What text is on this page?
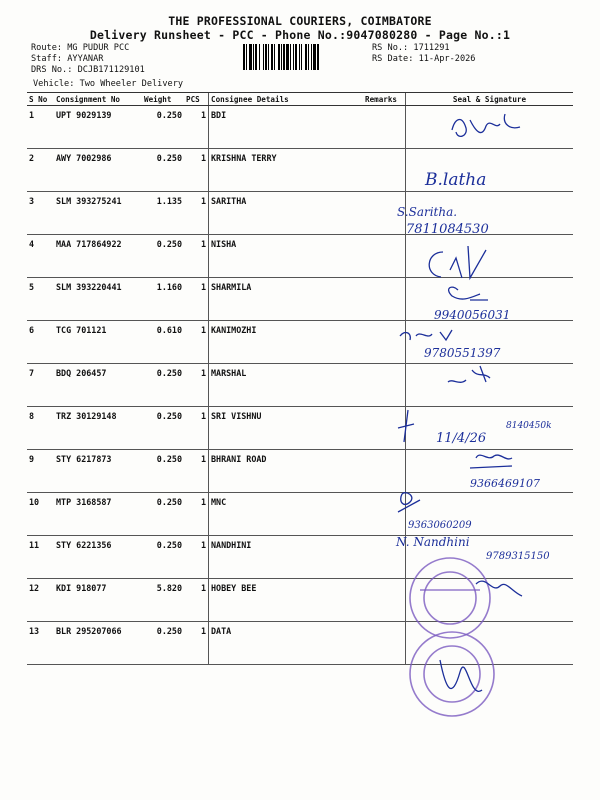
THE PROFESSIONAL COURIERS, COIMBATORE
Delivery Runsheet - PCC - Phone No.:9047080280 - Page No.:1
Route: MG PUDUR PCC
Staff: AYYANAR
DRS No.: DCJB171129101
RS No.: 1711291
RS Date: 11-Apr-2026
Vehicle: Two Wheeler Delivery
S No	Consignment No	Weight	PCS	Consignee Details	Remarks	Seal & Signature
1	UPT 9029139	0.250	1	BDI		
2	AWY 7002986	0.250	1	KRISHNA TERRY		
3	SLM 393275241	1.135	1	SARITHA		
4	MAA 717864922	0.250	1	NISHA		
5	SLM 393220441	1.160	1	SHARMILA		
6	TCG 701121	0.610	1	KANIMOZHI		
7	BDQ 206457	0.250	1	MARSHAL		
8	TRZ 30129148	0.250	1	SRI VISHNU		
9	STY 6217873	0.250	1	BHRANI ROAD		
10	MTP 3168587	0.250	1	MNC		
11	STY 6221356	0.250	1	NANDHINI		
12	KDI 918077	5.820	1	HOBEY BEE		
13	BLR 295207066	0.250	1	DATA		
B.latha
S.Saritha.
7811084530
9940056031
9780551397
11/4/26
8140450k
9366469107
9363060209
N. Nandhini
9789315150
